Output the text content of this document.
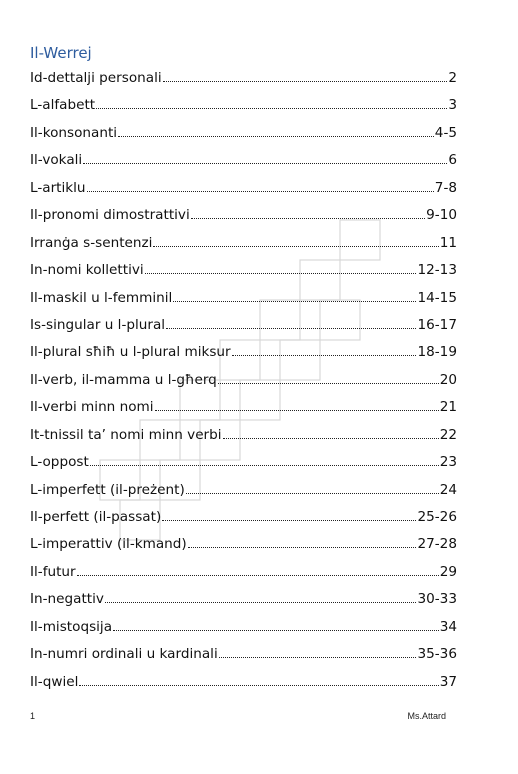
Il-Werrej
Id-dettalji personali	2
L-alfabett	3
Il-konsonanti	4-5
Il-vokali	6
L-artiklu	7-8
Il-pronomi dimostrattivi	9-10
Irranġa s-sentenzi	11
In-nomi kollettivi	12-13
Il-maskil u l-femminil	14-15
Is-singular u l-plural	16-17
Il-plural sħiħ u l-plural miksur	18-19
Il-verb, il-mamma u l-għerq	20
Il-verbi minn nomi	21
It-tnissil ta’ nomi minn verbi	22
L-oppost	23
L-imperfett (il-preżent)	24
Il-perfett (il-passat)	25-26
L-imperattiv (il-kmand)	27-28
Il-futur	29
In-negattiv	30-33
Il-mistoqsija	34
In-numri ordinali u kardinali	35-36
Il-qwiel	37
1	Ms.Attard
